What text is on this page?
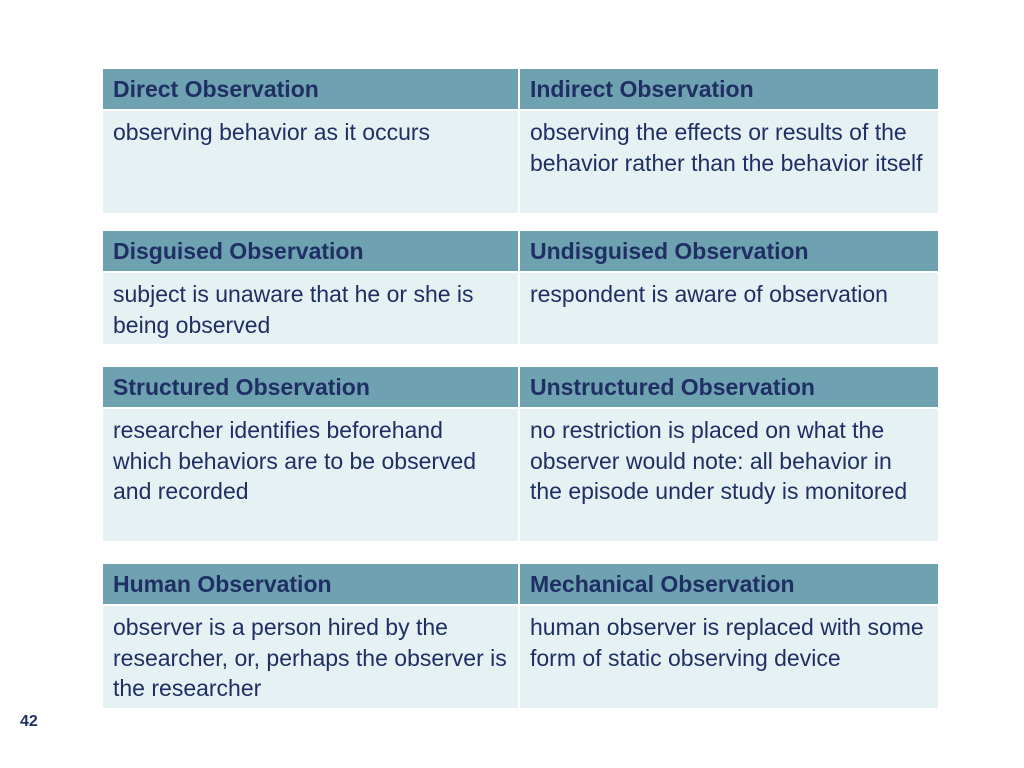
Direct Observation	Indirect Observation
observing behavior as it occurs	observing the effects or results of the behavior rather than the behavior itself
Disguised Observation	Undisguised Observation
subject is unaware that he or she is being observed	respondent is aware of observation
Structured Observation	Unstructured Observation
researcher identifies beforehand which behaviors are to be observed and recorded	no restriction is placed on what the observer would note: all behavior in the episode under study is monitored
Human Observation	Mechanical Observation
observer is a person hired by the researcher, or, perhaps the observer is the researcher	human observer is replaced with some form of static observing device
42
